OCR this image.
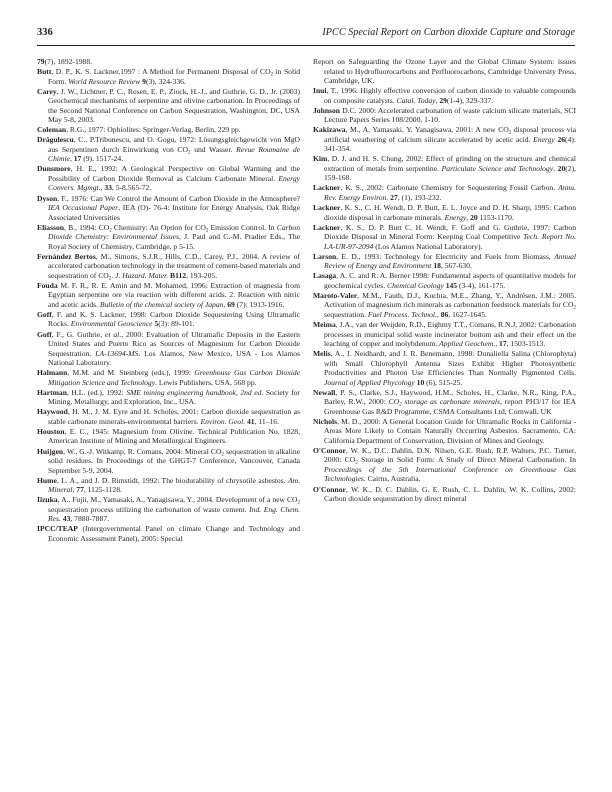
336	IPCC Special Report on Carbon dioxide Capture and Storage

79(7), 1892-1988.

Butt, D. P., K. S. Lackner,1997 : A Method for Permanent Disposal of $CO_2$ in Solid Form. World Resource Review 9(3), 324-336.

Carey, J. W., Lichtner, P. C., Rosen, E. P., Ziock, H.-J., and Guthrie, G. D., Jr. (2003) Geochemical mechanisms of serpentine and olivine carbonation. In Proceedings of the Second National Conference on Carbon Sequestration, Washington, DC, USA May 5-8, 2003.

Coleman, R.G., 1977: Ophiolites: Springer-Verlag, Berlin, 229 pp.

Drăgulescu, C., P.Tribunescu, and O. Gogu, 1972: Lösungsgleichgewicht von MgO aus Serpentinen durch Einwirkung von $CO_2$ und Wasser. Revue Roumaine de Chimie, 17 (9), 1517-24.

Dunsmore, H. E., 1992: A Geological Perspective on Global Warming and the Possibility of Carbon Dioxide Removal as Calcium Carbonate Mineral. Energy Convers. Mgmgt., 33, 5-8,565-72.

Dyson, F., 1976: Can We Control the Amount of Carbon Dioxide in the Atmosphere? IEA Occasional Paper, IEA (O)- 76-4: Institute for Energy Analysis, Oak Ridge Associated Universities

Eliasson, B., 1994: $CO_2$ Chemistry: An Option for $CO_2$ Emission Control. In Carbon Dioxide Chemistry: Environmental Issues, J. Paul and C.-M. Pradier Eds., The Royal Society of Chemistry, Cambridge, p 5-15.

Fernández Bertos, M., Simons, S.J.R., Hills, C.D., Carey, P.J., 2004. A review of accelerated carbonation technology in the treatment of cement-based materials and sequestration of $CO_2$. J. Hazard. Mater. B112, 193-205.

Fouda M. F. R., R. E. Amin and M. Mohamed, 1996: Extraction of magnesia from Egyptian serpentine ore via reaction with different acids. 2. Reaction with nitric and acetic acids. Bulletin of the chemical society of Japan, 69 (7): 1913-1916.

Goff, F. and K. S. Lackner, 1998: Carbon Dioxide Sequestering Using Ultramafic Rocks. Environmental Geoscience 5(3): 89-101.

Goff, F., G. Guthrie, et al., 2000: Evaluation of Ultramafic Deposits in the Eastern United States and Puerto Rico as Sources of Magnesium for Carbon Dioxide Sequestration. LA-13694-MS. Los Alamos, New Mexico, USA - Los Alamos National Laboratory.

Halmann, M.M. and M. Steinberg (eds.), 1999: Greenhouse Gas Carbon Dioxide Mitigation Science and Technology. Lewis Publishers, USA, 568 pp.

Hartman, H.L. (ed.), 1992: SME mining engineering handbook, 2nd ed. Society for Mining, Metallurgy, and Exploration, Inc., USA.

Haywood, H. M., J. M. Eyre and H. Scholes, 2001: Carbon dioxide sequestration as stable carbonate minerals-environmental barriers. Environ. Geol. 41, 11–16.

Houston, E. C., 1945: Magnesium from Olivine. Technical Publication No. 1828, American Institute of Mining and Metallurgical Engineers.

Huijgen, W., G.-J. Witkamp, R. Comans, 2004: Mineral $CO_2$ sequestration in alkaline solid residues. In Proceedings of the GHGT-7 Conference, Vancouver, Canada September 5-9, 2004.

Hume, L. A., and J. D. Rimstidt, 1992: The biodurability of chrysotile asbestos. Am. Mineral, 77, 1125-1128.

Iizuka, A., Fujii, M., Yamasaki, A., Yanagisawa, Y., 2004. Development of a new $CO_2$ sequestration process utilizing the carbonation of waste cement. Ind. Eng. Chem. Res. 43, 7880-7887.

IPCC/TEAP (Intergovernmental Panel on climate Change and Technology and Economic Assessment Panel), 2005: Special

Report on Safeguarding the Ozone Layer and the Global Climate System: issues related to Hydrofluorocarbons and Perfluorocarbons, Cambridge University Press, Cambridge, UK.

Inui, T., 1996: Highly effective conversion of carbon dioxide to valuable compounds on composite catalysts. Catal. Today, 29(1-4), 329-337.

Johnson D.C. 2000: Accelerated carbonation of waste calcium silicate materials, SCI Lecture Papers Series 108/2000, 1-10.

Kakizawa, M., A. Yamasaki, Y. Yanagisawa, 2001: A new $CO_2$ disposal process via artificial weathering of calcium silicate accelerated by acetic acid. Energy 26(4): 341-354.

Kim, D. J. and H. S. Chung, 2002: Effect of grinding on the structure and chemical extraction of metals from serpentine. Particulate Science and Technology. 20(2), 159-168.

Lackner, K. S., 2002: Carbonate Chemistry for Sequestering Fossil Carbon. Annu. Rev. Energy Environ. 27, (1), 193-232.

Lackner, K. S., C. H. Wendt, D. P. Butt, E. L. Joyce and D. H. Sharp, 1995: Carbon dioxide disposal in carbonate minerals. Energy, 20 1153-1170.

Lackner, K. S., D. P. Butt C. H. Wendt, F. Goff and G. Guthrie, 1997: Carbon Dioxide Disposal in Mineral Form: Keeping Coal Competitive Tech. Report No. LA-UR-97-2094 (Los Alamos National Laboratory).

Larson, E. D., 1993: Technology for Electricity and Fuels from Biomass, Annual Review of Energy and Environment 18, 567-630.

Lasaga, A. C. and R. A. Berner 1998: Fundamental aspects of quantitative models for geochemical cycles. Chemical Geology 145 (3-4), 161-175.

Maroto-Valer, M.M., Fauth, D.J., Kuchta, M.E., Zhang, Y., Andrésen, J.M.: 2005. Activation of magnesium rich minerals as carbonation feedstock materials for $CO_2$ sequestration. Fuel Process. Technol., 86, 1627-1645.

Meima, J.A., van der Weijden, R.D., Eighmy T.T., Comans, R.N.J, 2002: Carbonation processes in municipal solid waste incinerator bottom ash and their effect on the leaching of copper and molybdenum. Applied Geochem., 17, 1503-1513.

Melis, A., J. Neidhardt, and J. R. Benemann, 1998: Dunaliella Salina (Chlorophyta) with Small Chlorophyll Antenna Sizes Exhibit Higher Photosynthetic Productivities and Photon Use Efficiencies Than Normally Pigmented Cells. Journal of Applied Phycology 10 (6), 515-25.

Newall, P. S., Clarke, S.J., Haywood, H.M., Scholes, H., Clarke, N.R., King, P.A., Barley, R.W., 2000: $CO_2$ storage as carbonate minerals, report PH3/17 for IEA Greenhouse Gas R&D Programme, CSMA Consultants Ltd, Cornwall, UK

Nichols, M. D., 2000: A General Location Guide for Ultramafic Rocks in California - Areas More Likely to Contain Naturally Occurring Asbestos. Sacramento, CA: California Department of Conservation, Division of Mines and Geology.

O'Connor, W. K., D.C. Dahlin, D.N. Nilsen, G.E. Rush, R.P. Walters, P.C. Turner, 2000: $CO_2$ Storage in Solid Form: A Study of Direct Mineral Carbonation. In Proceedings of the 5th International Conference on Greenhouse Gas Technologies. Cairns, Australia.

O'Connor, W. K., D. C. Dahlin, G. E. Rush, C. L. Dahlin, W. K. Collins, 2002: Carbon dioxide sequestration by direct mineral
